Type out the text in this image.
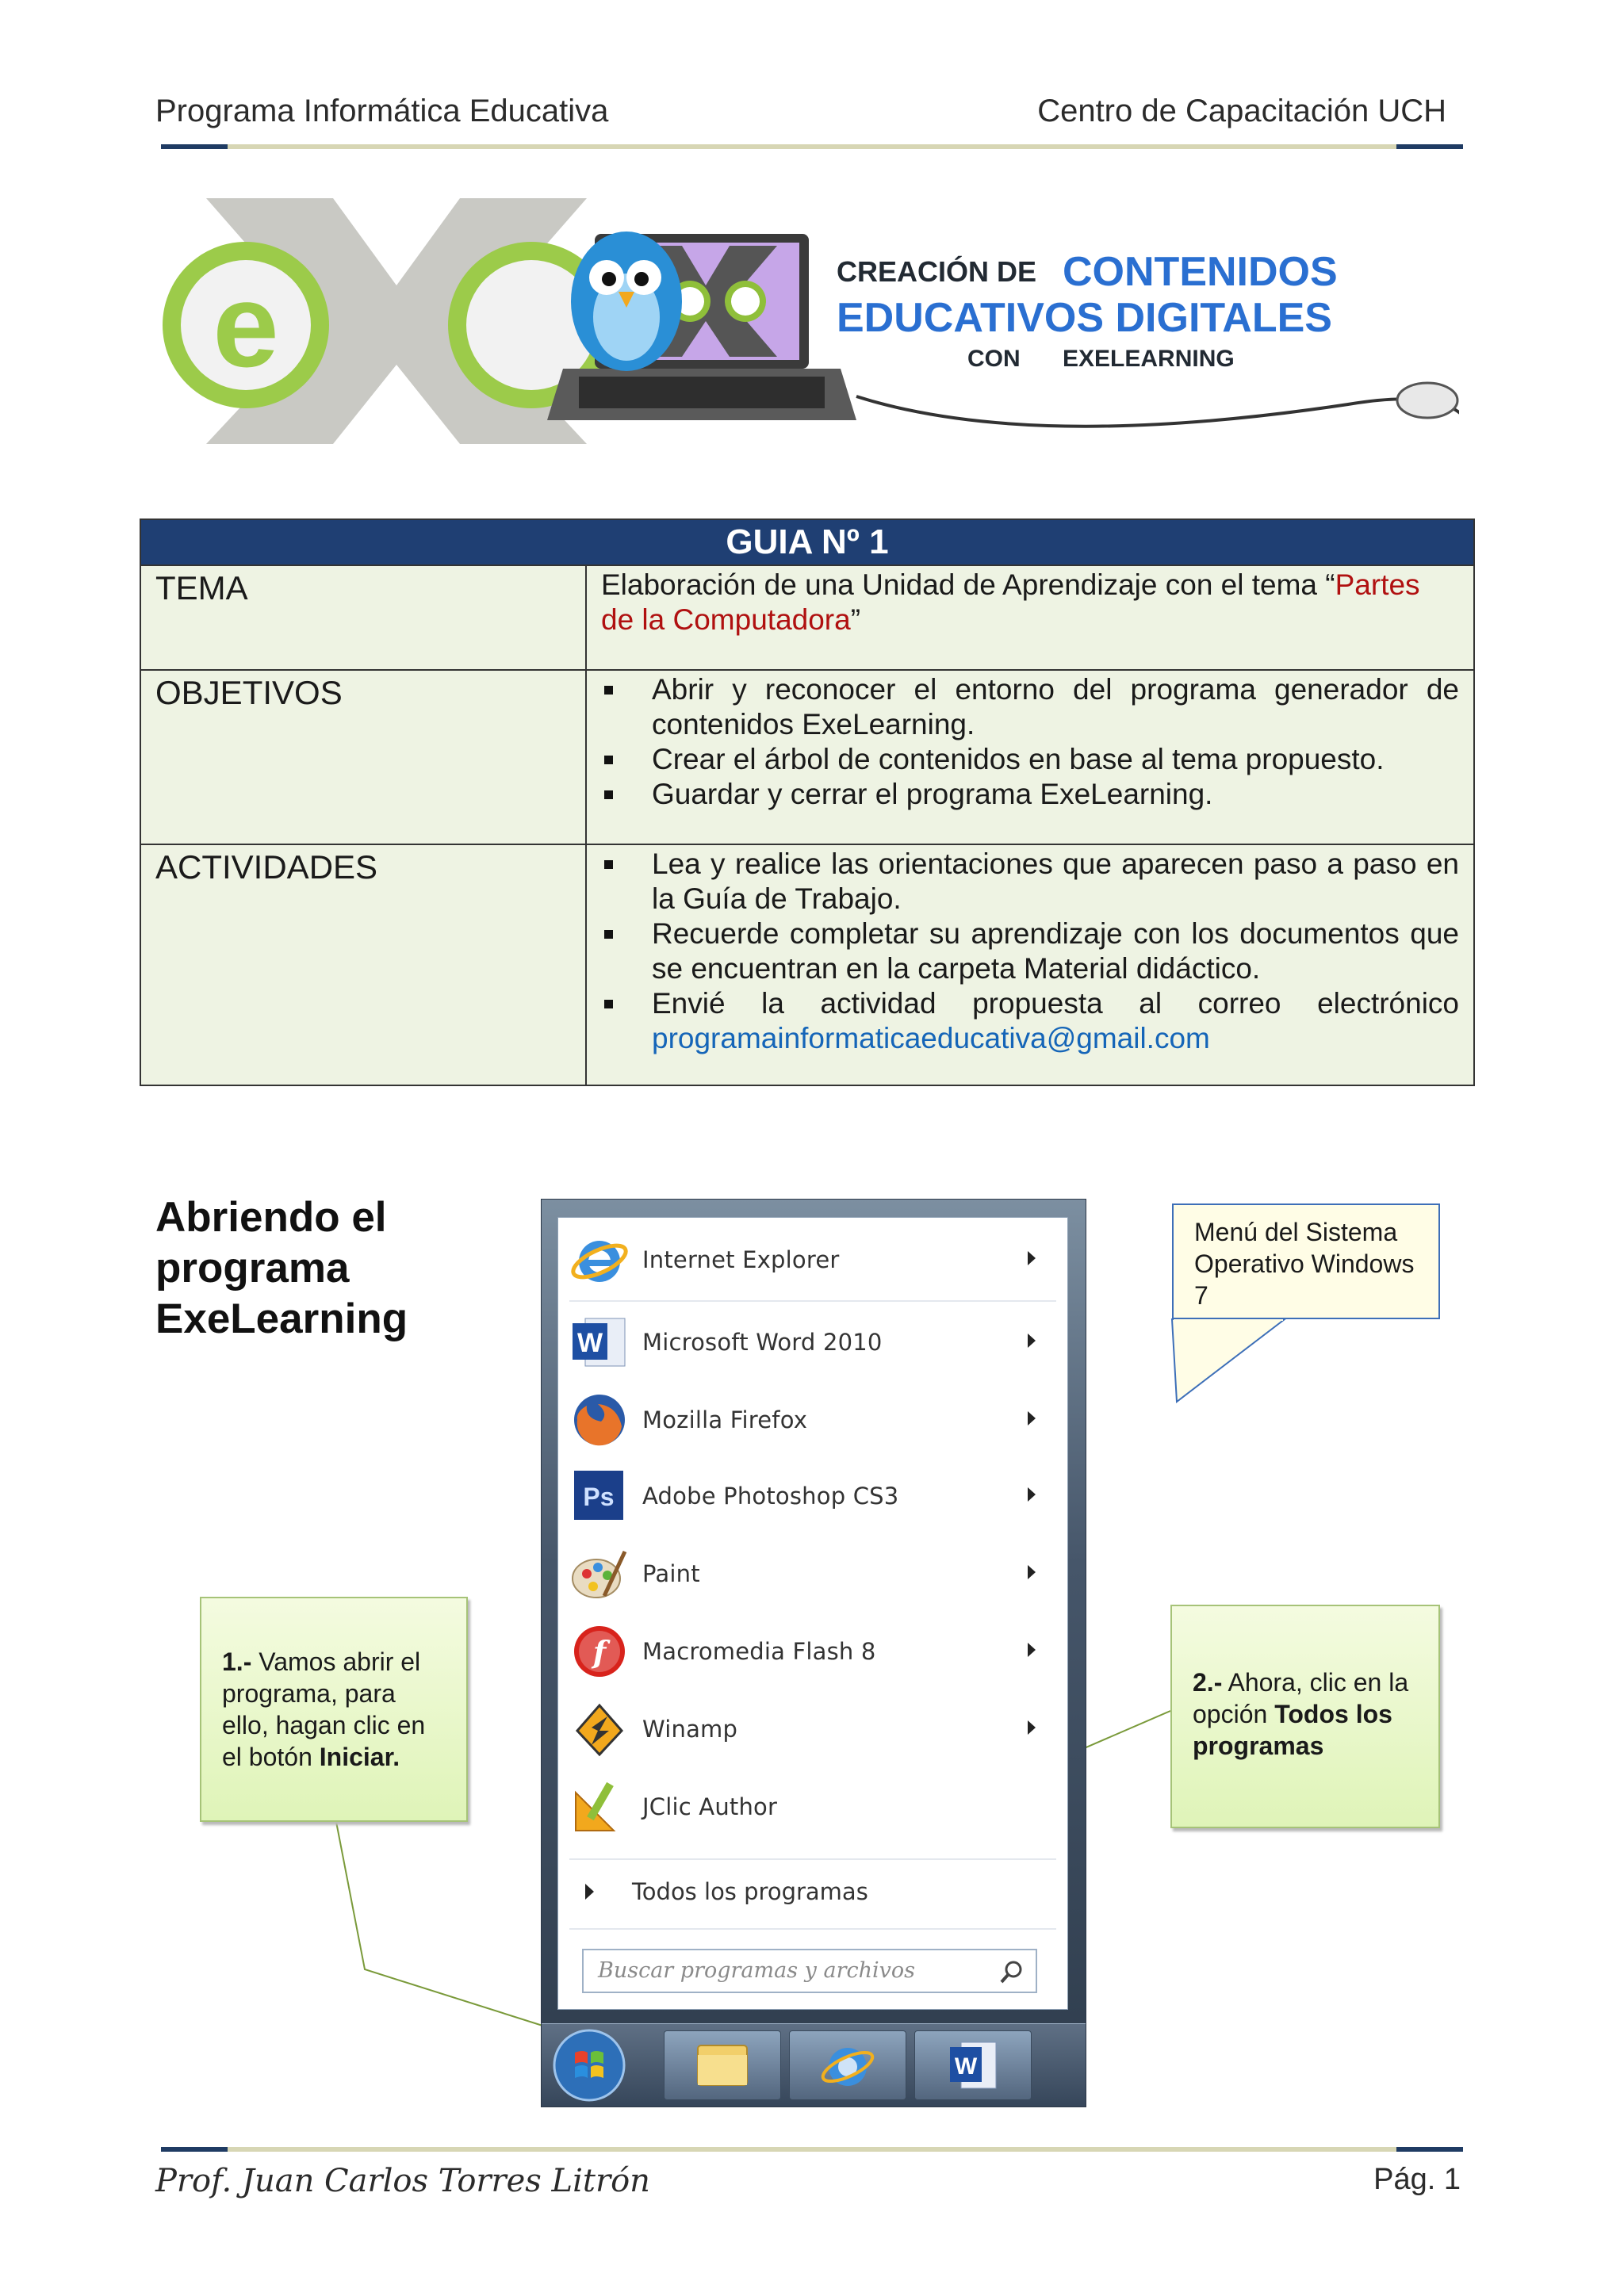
Programa Informática Educativa	Centro de Capacitación UCH
e	CREACIÓN DE CONTENIDOS
EDUCATIVOS DIGITALES
CON EXELEARNING
GUIA Nº 1
TEMA	Elaboración de una Unidad de Aprendizaje con el tema “Partes de la Computadora”
OBJETIVOS	Abrir y reconocer el entorno del programa generador de contenidos ExeLearning.
Crear el árbol de contenidos en base al tema propuesto.
Guardar y cerrar el programa ExeLearning.
ACTIVIDADES	Lea y realice las orientaciones que aparecen paso a paso en la Guía de Trabajo.
Recuerde completar su aprendizaje con los documentos que se encuentran en la carpeta Material didáctico.
Envié la actividad propuesta al correo electrónico
programainformaticaeducativa@gmail.com
Abriendo el
programa
ExeLearning
Menú del Sistema Operativo Windows 7
1.- Vamos abrir el programa, para ello, hagan clic en el botón Iniciar.
2.- Ahora, clic en la opción Todos los programas
Internet Explorer
W Microsoft Word 2010
Mozilla Firefox
Ps Adobe Photoshop CS3
Paint
f Macromedia Flash 8
Winamp
JClic Author
Todos los programas
Buscar programas y archivos
W
Prof. Juan Carlos Torres Litrón	Pág. 1
